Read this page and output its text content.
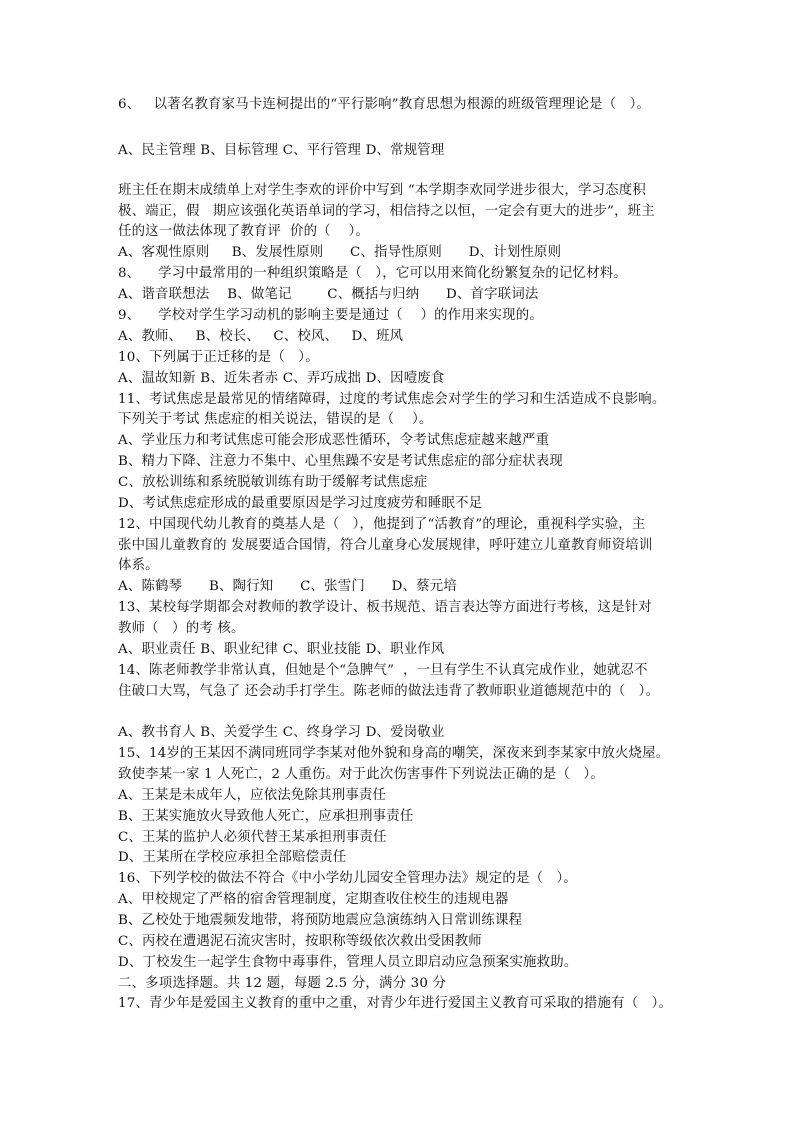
6、   以著名教育家马卡连柯提出的“平行影响”教育思想为根源的班级管理理论是（   ）。
A、民主管理 B、目标管理 C、平行管理 D、常规管理
班主任在期末成绩单上对学生李欢的评价中写到 “本学期李欢同学进步很大，学习态度积
极、端正，假   期应该强化英语单词的学习，相信持之以恒，一定会有更大的进步”，班主
任的这一做法体现了教育评  价的（    ）。
A、客观性原则     B、发展性原则      C、指导性原则      D、计划性原则
8、    学习中最常用的一种组织策略是（   ），它可以用来简化纷繁复杂的记忆材料。
A、谐音联想法    B、做笔记        C、概括与归纳      D、首字联词法
9、    学校对学生学习动机的影响主要是通过（    ）的作用来实现的。
A、教师、   B、校长、   C、校风、   D、班风
10、下列属于正迁移的是（   ）。
A、温故知新 B、近朱者赤 C、弄巧成拙 D、因噎废食
11、考试焦虑是最常见的情绪障碍，过度的考试焦虑会对学生的学习和生活造成不良影响。
下列关于考试 焦虑症的相关说法，错误的是（    ）。
A、学业压力和考试焦虑可能会形成恶性循环，令考试焦虑症越来越严重
B、精力下降、注意力不集中、心里焦躁不安是考试焦虑症的部分症状表现
C、放松训练和系统脱敏训练有助于缓解考试焦虑症
D、考试焦虑症形成的最重要原因是学习过度疲劳和睡眠不足
12、中国现代幼儿教育的奠基人是（   ），他提到了“活教育”的理论，重视科学实验，主
张中国儿童教育的 发展要适合国情，符合儿童身心发展规律，呼吁建立儿童教育师资培训
体系。
A、陈鹤琴      B、陶行知      C、张雪门      D、蔡元培
13、某校每学期都会对教师的教学设计、板书规范、语言表达等方面进行考核，这是针对
教师（   ）的考 核。
A、职业责任 B、职业纪律 C、职业技能 D、职业作风
14、陈老师教学非常认真，但她是个“急脾气”  ，一旦有学生不认真完成作业，她就忍不
住破口大骂，气急了 还会动手打学生。陈老师的做法违背了教师职业道德规范中的（   ）。
A、教书育人 B、关爱学生 C、终身学习 D、爱岗敬业
15、14岁的王某因不满同班同学李某对他外貌和身高的嘲笑，深夜来到李某家中放火烧屋。
致使李某一家 1 人死亡，2 人重伤。对于此次伤害事件下列说法正确的是（   ）。
A、王某是未成年人，应依法免除其刑事责任
B、王某实施放火导致他人死亡，应承担刑事责任
C、王某的监护人必须代替王某承担刑事责任
D、王某所在学校应承担全部赔偿责任
16、下列学校的做法不符合《中小学幼儿园安全管理办法》规定的是（   ）。
A、甲校规定了严格的宿舍管理制度，定期查收住校生的违规电器
B、乙校处于地震频发地带，将预防地震应急演练纳入日常训练课程
C、丙校在遭遇泥石流灾害时，按职称等级依次救出受困教师
D、丁校发生一起学生食物中毒事件，管理人员立即启动应急预案实施救助。
二、多项选择题。共 12 题，每题 2.5 分，满分 30 分
17、青少年是爱国主义教育的重中之重，对青少年进行爱国主义教育可采取的措施有（   ）。
